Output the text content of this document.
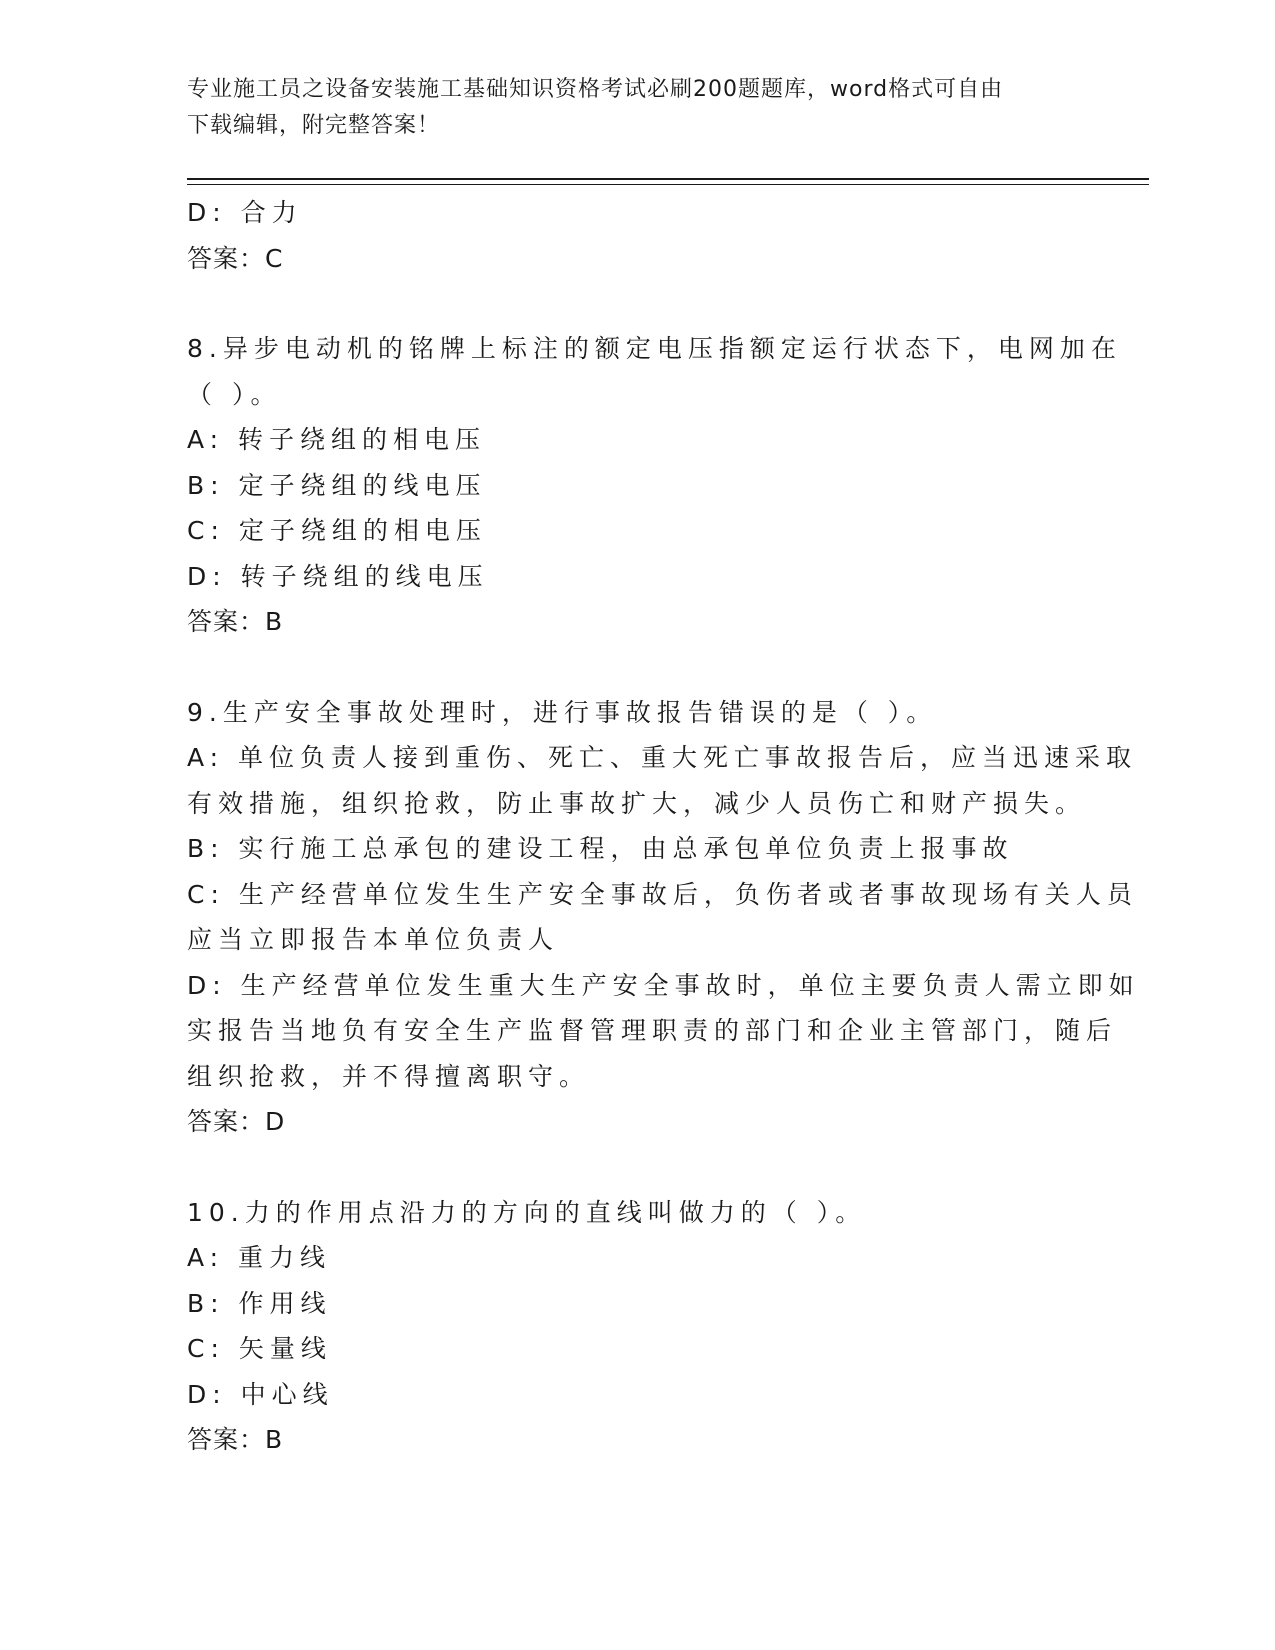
专业施工员之设备安装施工基础知识资格考试必刷200题题库，word格式可自由
下载编辑，附完整答案！

D: 合力

答案：C

8.异步电动机的铭牌上标注的额定电压指额定运行状态下，电网加在

（ ）。

A: 转子绕组的相电压

B: 定子绕组的线电压

C: 定子绕组的相电压

D: 转子绕组的线电压

答案：B

9.生产安全事故处理时，进行事故报告错误的是（ ）。

A: 单位负责人接到重伤、死亡、重大死亡事故报告后，应当迅速采取

有效措施，组织抢救，防止事故扩大，减少人员伤亡和财产损失。

B: 实行施工总承包的建设工程，由总承包单位负责上报事故

C: 生产经营单位发生生产安全事故后，负伤者或者事故现场有关人员

应当立即报告本单位负责人

D: 生产经营单位发生重大生产安全事故时，单位主要负责人需立即如

实报告当地负有安全生产监督管理职责的部门和企业主管部门，随后

组织抢救，并不得擅离职守。

答案：D

10.力的作用点沿力的方向的直线叫做力的（ ）。

A: 重力线

B: 作用线

C: 矢量线

D: 中心线

答案：B
